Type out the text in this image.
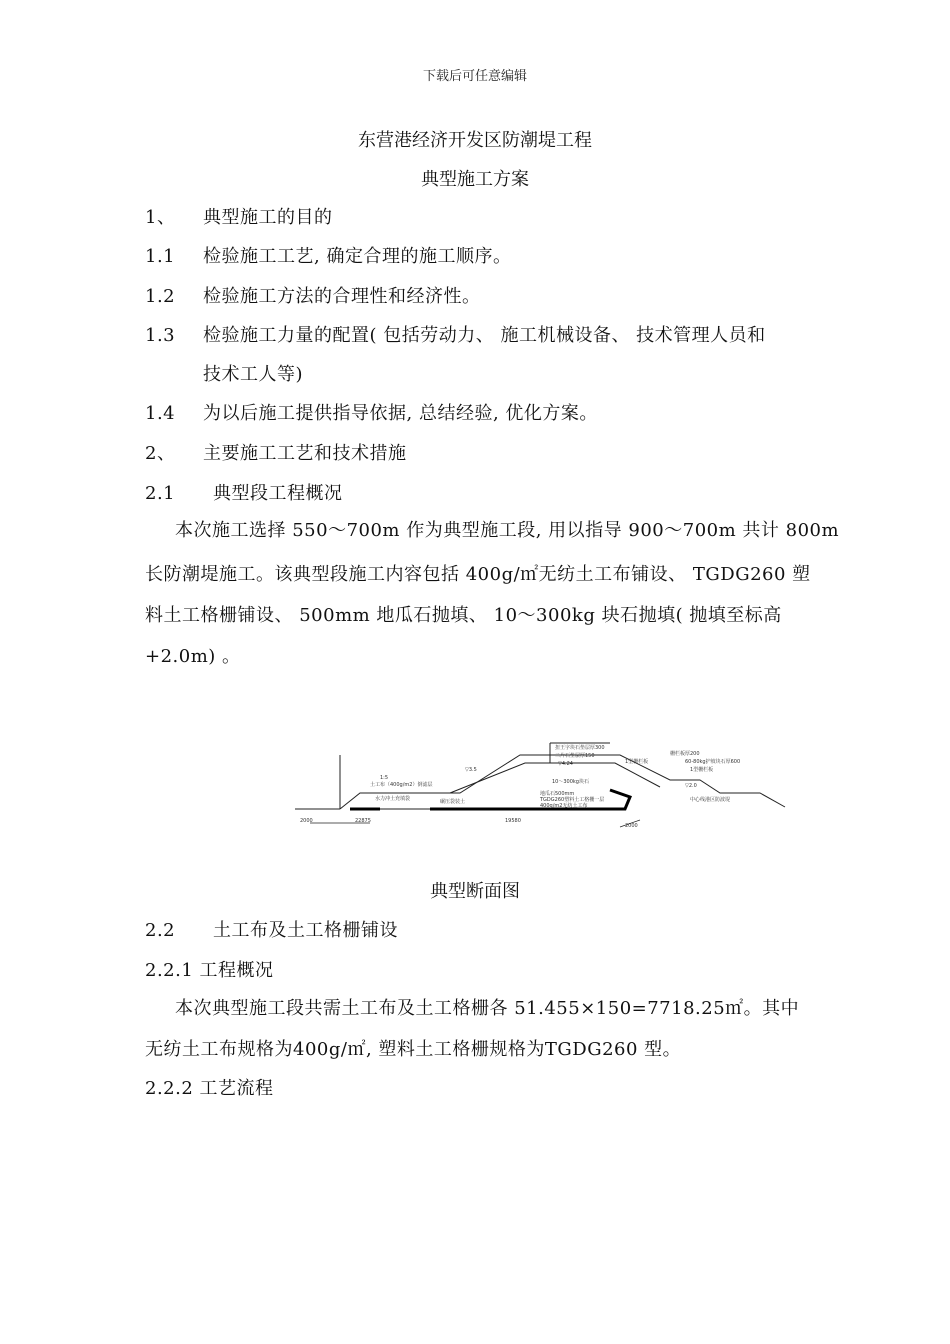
下载后可任意编辑
东营港经济开发区防潮堤工程
典型施工方案
1、 典型施工的目的
1.1 检验施工工艺, 确定合理的施工顺序。
1.2 检验施工方法的合理性和经济性。
1.3 检验施工力量的配置( 包括劳动力、 施工机械设备、 技术管理人员和
技术工人等)
1.4 为以后施工提供指导依据, 总结经验, 优化方案。
2、 主要施工工艺和技术措施
2.1 典型段工程概况
本次施工选择 550～700m 作为典型施工段, 用以指导 900～700m 共计 800m
长防潮堤施工。该典型段施工内容包括 400g/㎡无纺土工布铺设、 TGDG260 塑
料土工格栅铺设、 500mm 地瓜石抛填、 10～300kg 块石抛填( 抛填至标高
+2.0m) 。
扭王字块石垫层厚300
二片石垫层厚150
▽4.24
1:5
▽3.5
土工布（400g/m2）倒滤层
水力冲土充填袋	碾压袋装土
10～300kg块石
地瓜石500mm
TGDG260塑料土工格栅一层
400g/m2无纺土工布
栅栏板厚200
60-80kg护坡块石厚600
1型栅栏板
1型栅栏板
▽2.0
中心线港区防波堤
2000	22875	19580
2000
典型断面图
2.2 土工布及土工格栅铺设
2.2.1 工程概况
本次典型施工段共需土工布及土工格栅各 51.455×150=7718.25㎡。其中
无纺土工布规格为400g/㎡, 塑料土工格栅规格为TGDG260 型。
2.2.2 工艺流程
